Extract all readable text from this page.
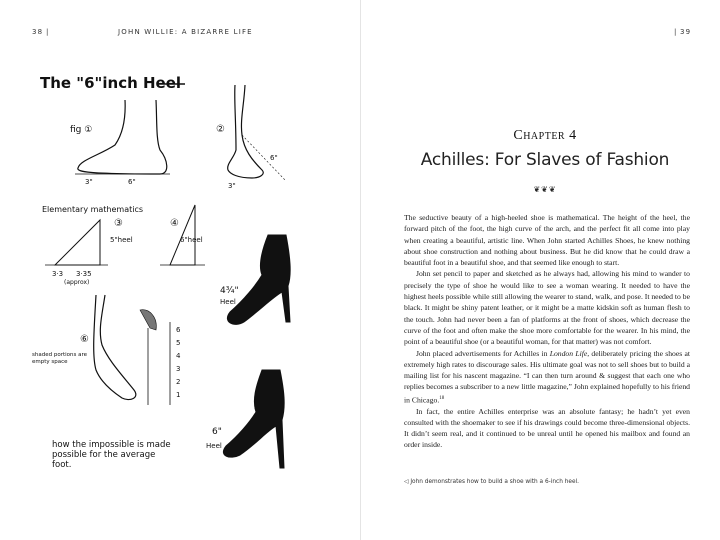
38 |	JOHN WILLIE: A BIZARRE LIFE	| 39
The "6"inch Heel
fig ①
3"	6"
②
6"
3"
Elementary mathematics
③
5"heel
3·3 3·35
(approx)
④
6"heel
4¾"
Heel
⑥
6
5
4
3
2
1
shaded portions are empty space
6"
Heel
how the impossible is made possible for the average foot.
Chapter 4
Achilles: For Slaves of Fashion
❦❦❦

The seductive beauty of a high-heeled shoe is mathematical. The height of the heel, the forward pitch of the foot, the high curve of the arch, and the perfect fit all come into play when creating a beautiful, artistic line. When John started Achilles Shoes, he knew nothing about shoe construction and nothing about business. But he did know that he could draw a beautiful foot in a beautiful shoe, and that seemed like enough to start.

John set pencil to paper and sketched as he always had, allowing his mind to wander to precisely the type of shoe he would like to see a woman wearing. It needed to have the highest heels possible while still allowing the wearer to stand, walk, and pose. It needed to be black. It might be shiny patent leather, or it might be a matte kidskin soft as human flesh to the touch. John had never been a fan of platforms at the front of shoes, which decrease the curve of the foot and often make the shoe more comfortable for the wearer. In his mind, the point of a beautiful shoe (or a beautiful woman, for that matter) was not comfort.

John placed advertisements for Achilles in London Life, deliberately pricing the shoes at extremely high rates to discourage sales. His ultimate goal was not to sell shoes but to build a mailing list for his nascent magazine. “I can then turn around & suggest that each one who replies becomes a subscriber to a new little magazine,” John explained hopefully to his friend in Chicago.$^{18}$

In fact, the entire Achilles enterprise was an absolute fantasy; he hadn’t yet even consulted with the shoemaker to see if his drawings could become three-dimensional objects. It didn’t seem real, and it continued to be unreal until he opened his mailbox and found an order inside.

◁ John demonstrates how to build a shoe with a 6-inch heel.
